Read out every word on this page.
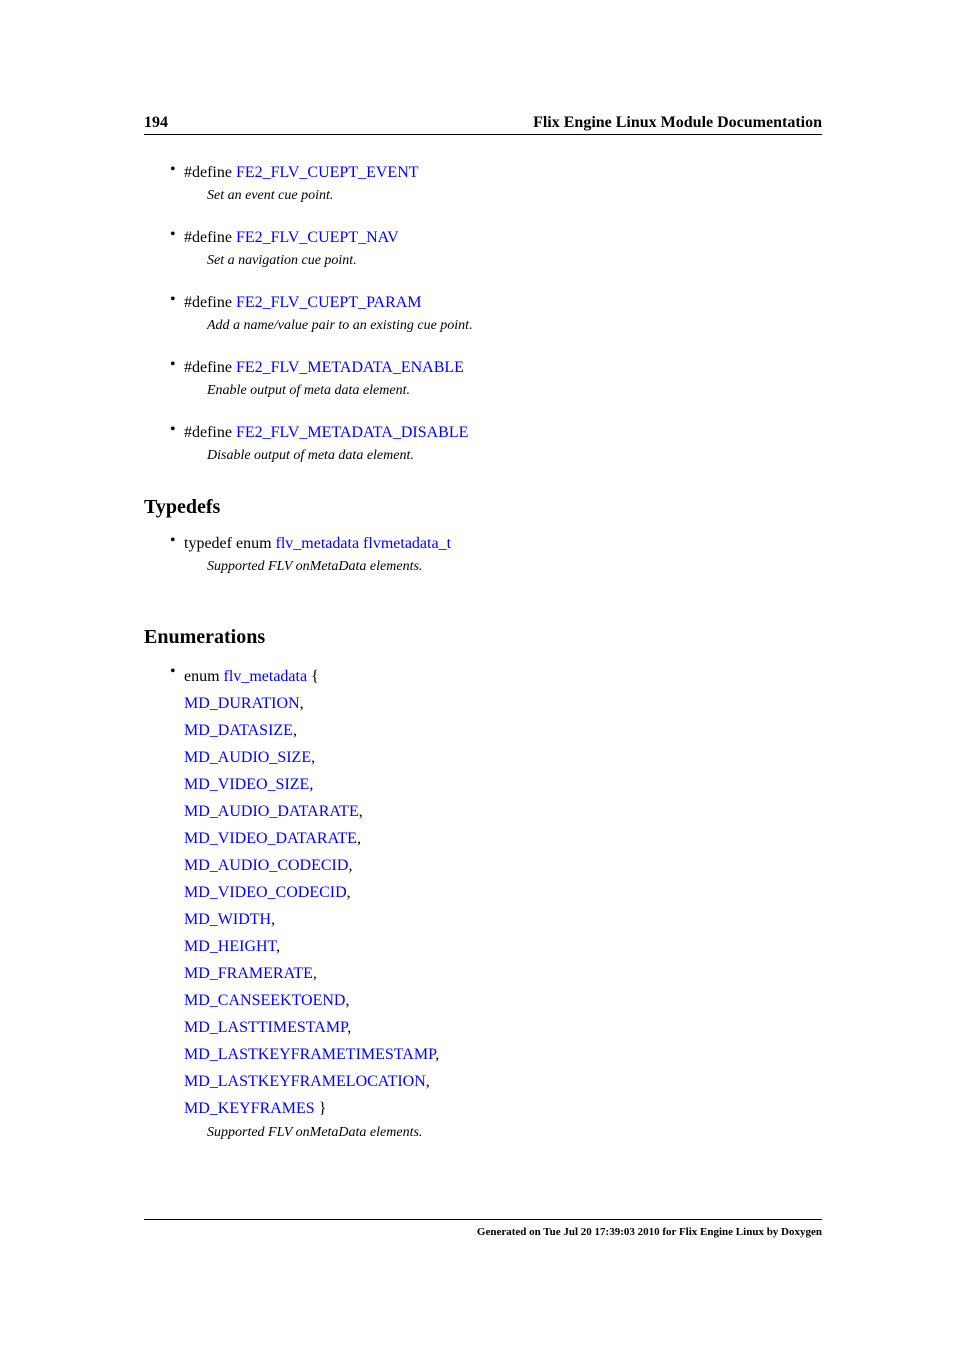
194	Flix Engine Linux Module Documentation
• #define FE2_FLV_CUEPT_EVENT
Set an event cue point.
• #define FE2_FLV_CUEPT_NAV
Set a navigation cue point.
• #define FE2_FLV_CUEPT_PARAM
Add a name/value pair to an existing cue point.
• #define FE2_FLV_METADATA_ENABLE
Enable output of meta data element.
• #define FE2_FLV_METADATA_DISABLE
Disable output of meta data element.
Typedefs
• typedef enum flv_metadata flvmetadata_t
Supported FLV onMetaData elements.
Enumerations
• enum flv_metadata {
MD_DURATION,
MD_DATASIZE,
MD_AUDIO_SIZE,
MD_VIDEO_SIZE,
MD_AUDIO_DATARATE,
MD_VIDEO_DATARATE,
MD_AUDIO_CODECID,
MD_VIDEO_CODECID,
MD_WIDTH,
MD_HEIGHT,
MD_FRAMERATE,
MD_CANSEEKTOEND,
MD_LASTTIMESTAMP,
MD_LASTKEYFRAMETIMESTAMP,
MD_LASTKEYFRAMELOCATION,
MD_KEYFRAMES }
Supported FLV onMetaData elements.
Generated on Tue Jul 20 17:39:03 2010 for Flix Engine Linux by Doxygen
